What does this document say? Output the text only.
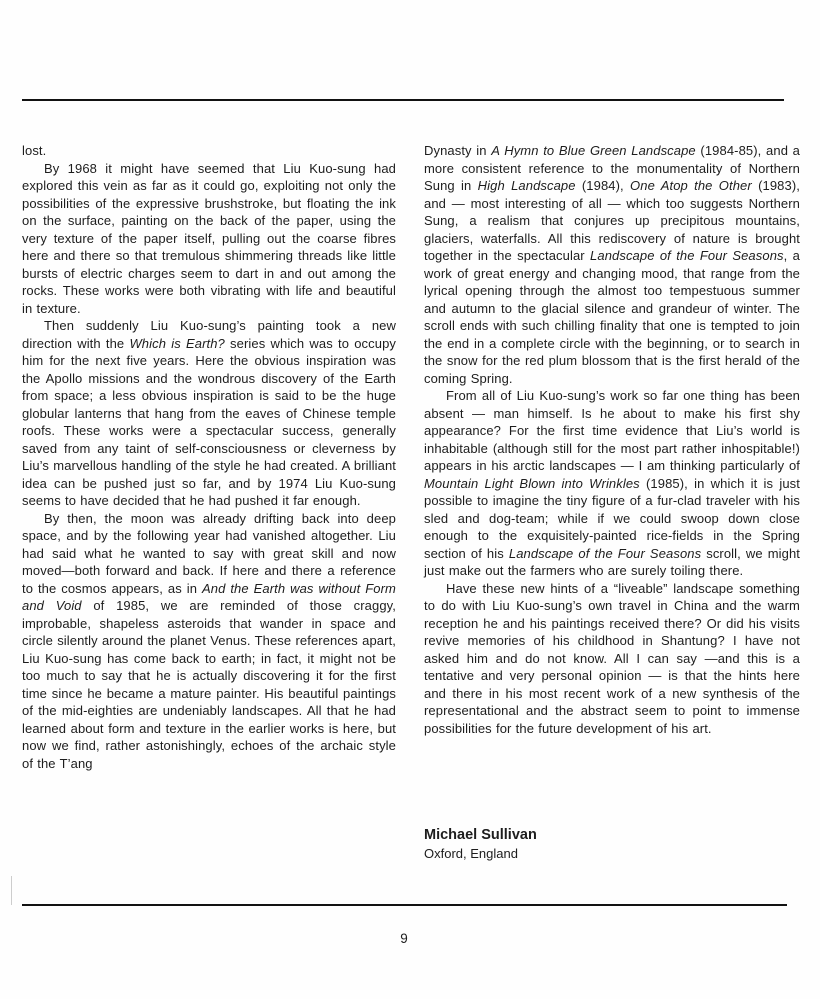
lost.

By 1968 it might have seemed that Liu Kuo-sung had explored this vein as far as it could go, exploiting not only the possibilities of the expressive brushstroke, but floating the ink on the surface, painting on the back of the paper, using the very texture of the paper itself, pulling out the coarse fibres here and there so that tremulous shimmering threads like little bursts of electric charges seem to dart in and out among the rocks. These works were both vibrating with life and beautiful in texture.

Then suddenly Liu Kuo-sung’s painting took a new direction with the Which is Earth? series which was to occupy him for the next five years. Here the obvious inspiration was the Apollo missions and the wondrous discovery of the Earth from space; a less obvious inspiration is said to be the huge globular lanterns that hang from the eaves of Chinese temple roofs. These works were a spectacular success, generally saved from any taint of self-consciousness or cleverness by Liu’s marvellous handling of the style he had created. A brilliant idea can be pushed just so far, and by 1974 Liu Kuo-sung seems to have decided that he had pushed it far enough.

By then, the moon was already drifting back into deep space, and by the following year had vanished altogether. Liu had said what he wanted to say with great skill and now moved—both forward and back. If here and there a reference to the cosmos appears, as in And the Earth was without Form and Void of 1985, we are reminded of those craggy, improbable, shapeless asteroids that wander in space and circle silently around the planet Venus. These references apart, Liu Kuo-sung has come back to earth; in fact, it might not be too much to say that he is actually discovering it for the first time since he became a mature painter. His beautiful paintings of the mid-eighties are undeniably landscapes. All that he had learned about form and texture in the earlier works is here, but now we find, rather astonishingly, echoes of the archaic style of the T’ang

Dynasty in A Hymn to Blue Green Landscape (1984-85), and a more consistent reference to the monumentality of Northern Sung in High Landscape (1984), One Atop the Other (1983), and — most interesting of all — which too suggests Northern Sung, a realism that conjures up precipitous mountains, glaciers, waterfalls. All this rediscovery of nature is brought together in the spectacular Landscape of the Four Seasons, a work of great energy and changing mood, that range from the lyrical opening through the almost too tempestuous summer and autumn to the glacial silence and grandeur of winter. The scroll ends with such chilling finality that one is tempted to join the end in a complete circle with the beginning, or to search in the snow for the red plum blossom that is the first herald of the coming Spring.

From all of Liu Kuo-sung’s work so far one thing has been absent — man himself. Is he about to make his first shy appearance? For the first time evidence that Liu’s world is inhabitable (although still for the most part rather inhospitable!) appears in his arctic landscapes — I am thinking particularly of Mountain Light Blown into Wrinkles (1985), in which it is just possible to imagine the tiny figure of a fur-clad traveler with his sled and dog-team; while if we could swoop down close enough to the exquisitely-painted rice-fields in the Spring section of his Landscape of the Four Seasons scroll, we might just make out the farmers who are surely toiling there.

Have these new hints of a “liveable” landscape something to do with Liu Kuo-sung’s own travel in China and the warm reception he and his paintings received there? Or did his visits revive memories of his childhood in Shantung? I have not asked him and do not know. All I can say —and this is a tentative and very personal opinion — is that the hints here and there in his most recent work of a new synthesis of the representational and the abstract seem to point to immense possibilities for the future development of his art.

Michael Sullivan
Oxford, England
9
